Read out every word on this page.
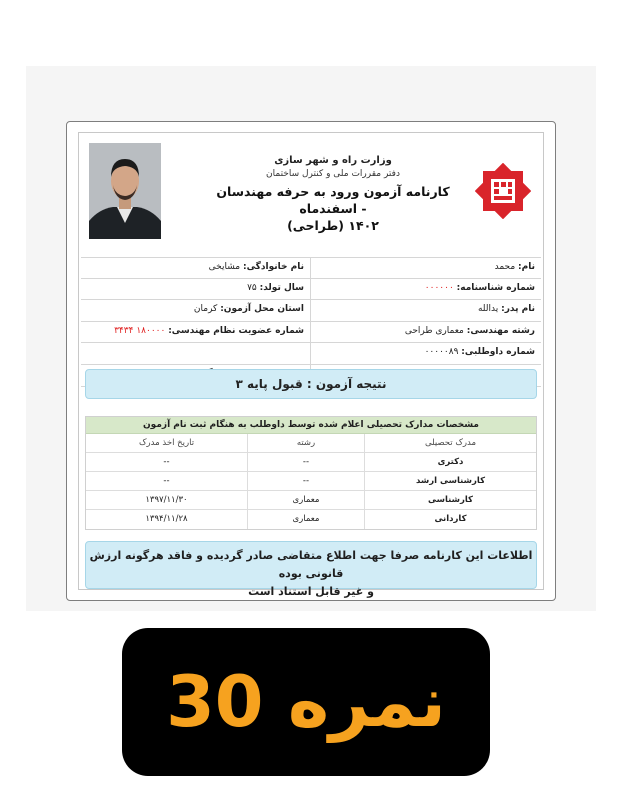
وزارت راه و شهر سازی
دفتر مقررات ملی و کنترل ساختمان
کارنامه آزمون ورود به حرفه مهندسان - اسفندماه
۱۴۰۲ (طراحی)
نام: محمد
نام خانوادگی: مشایخی
شماره شناسنامه: ۰۰۰۰۰۰
سال تولد: ۷۵
نام پدر: یدالله
استان محل آزمون: کرمان
رشته مهندسی: معماری طراحی
شماره عضویت نظام مهندسی: ۱۸۰۰۰۰ ۳۴۳۴
شماره داوطلبی: ۰۰۰۰۰۸۹
نتیجه آزمون : قبول پایه ۳
مشخصات مدارک تحصیلی اعلام شده توسط داوطلب به هنگام ثبت نام آزمون
مدرک تحصیلی
رشته
تاریخ اخذ مدرک
دکتری
--
--
کارشناسی ارشد
--
--
کارشناسی
معماری
۱۳۹۷/۱۱/۳۰
کاردانی
معماری
۱۳۹۴/۱۱/۲۸
اطلاعات این کارنامه صرفا جهت اطلاع متقاضی صادر گردیده و فاقد هرگونه ارزش قانونی بوده
و غیر قابل استناد است
نمره 30
